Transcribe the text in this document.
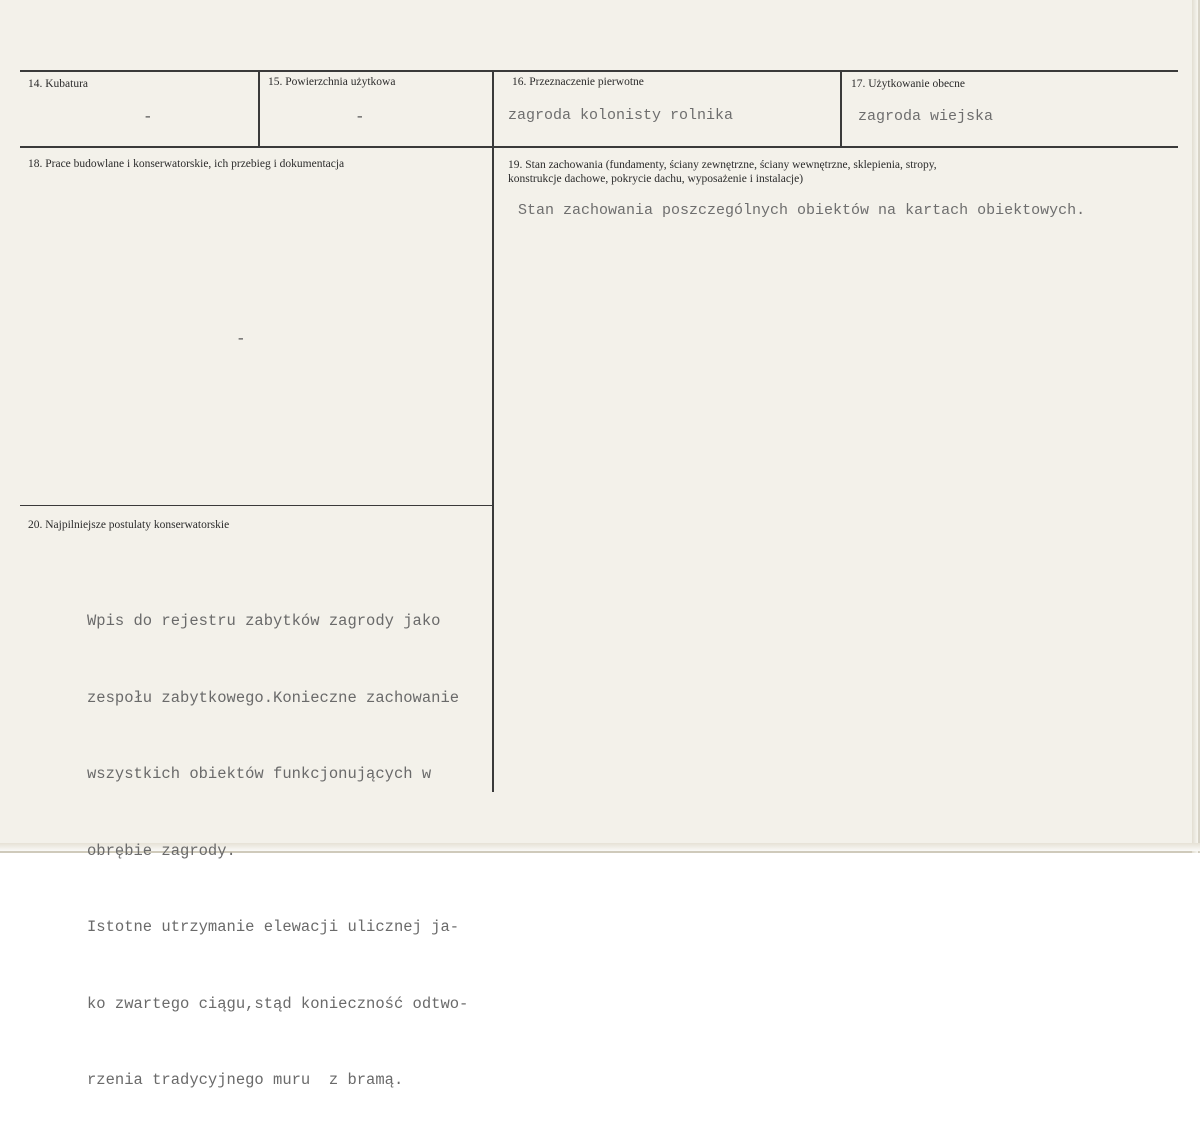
14. Kubatura
-
15. Powierzchnia użytkowa
-
16. Przeznaczenie pierwotne
zagroda kolonisty rolnika
17. Użytkowanie obecne
zagroda wiejska
18. Prace budowlane i konserwatorskie, ich przebieg i dokumentacja
-
19. Stan zachowania (fundamenty, ściany zewnętrzne, ściany wewnętrzne, sklepienia, stropy,
konstrukcje dachowe, pokrycie dachu, wyposażenie i instalacje)
Stan zachowania poszczególnych obiektów na kartach obiektowych.
20. Najpilniejsze postulaty konserwatorskie

Wpis do rejestru zabytków zagrody jako

zespołu zabytkowego.Konieczne zachowanie

wszystkich obiektów funkcjonujących w

obrębie zagrody.

Istotne utrzymanie elewacji ulicznej ja-

ko zwartego ciągu,stąd konieczność odtwo-

rzenia tradycyjnego muru  z bramą.
